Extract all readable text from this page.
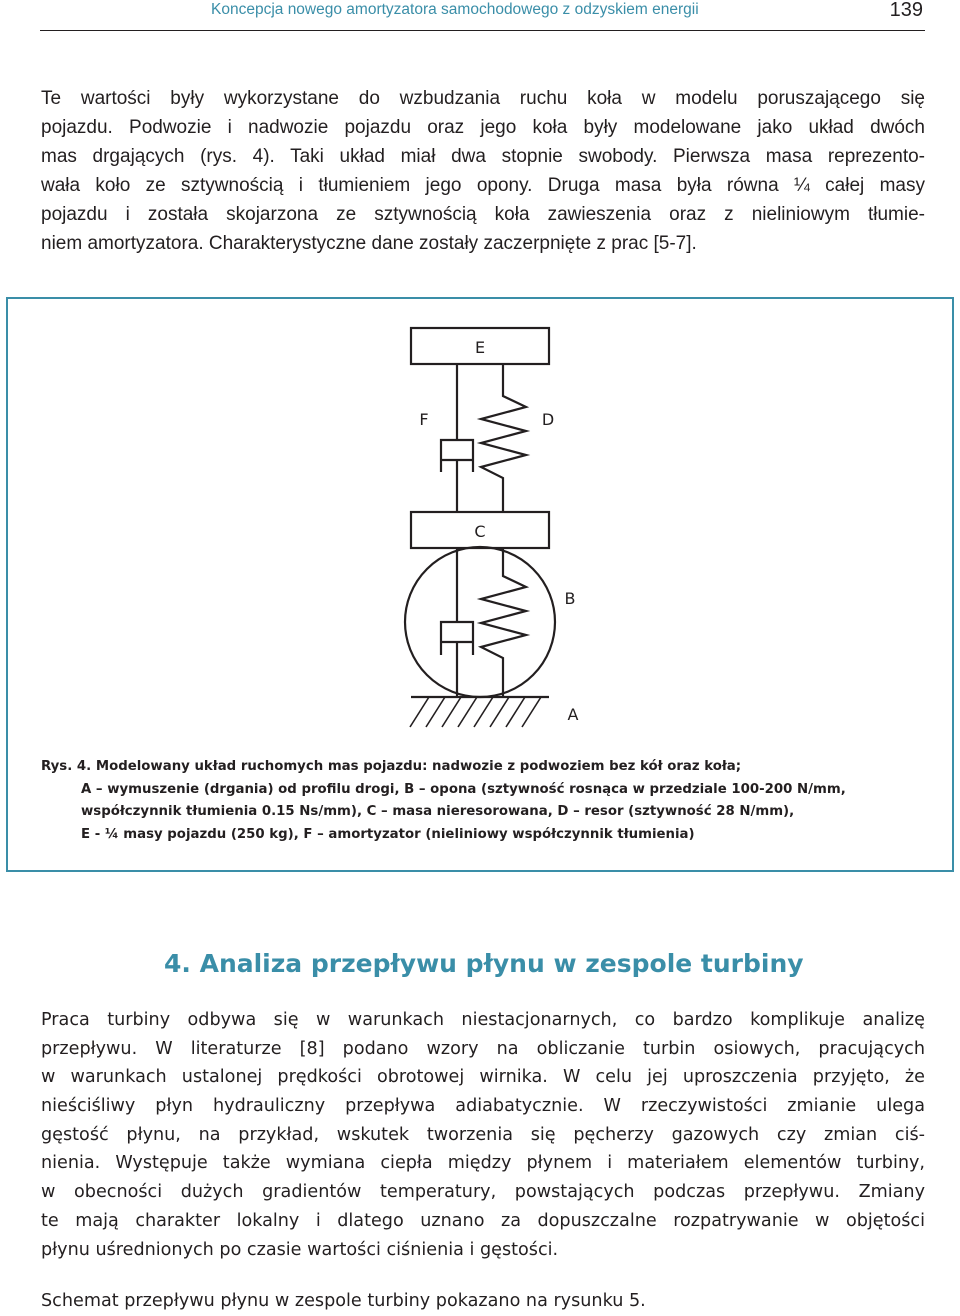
Koncepcja nowego amortyzatora samochodowego z odzyskiem energii	139
Te wartości były wykorzystane do wzbudzania ruchu koła w modelu poruszającego się
pojazdu. Podwozie i nadwozie pojazdu oraz jego koła były modelowane jako układ dwóch
mas drgających (rys. 4). Taki układ miał dwa stopnie swobody. Pierwsza masa reprezento-
wała koło ze sztywnością i tłumieniem jego opony. Druga masa była równa ¼ całej masy
pojazdu i została skojarzona ze sztywnością koła zawieszenia oraz z nieliniowym tłumie-
niem amortyzatora. Charakterystyczne dane zostały zaczerpnięte z prac [5-7].
E
F	D
C
B
A
Rys. 4. Modelowany układ ruchomych mas pojazdu: nadwozie z podwoziem bez kół oraz koła;
A – wymuszenie (drgania) od profilu drogi, B – opona (sztywność rosnąca w przedziale 100-200 N/mm,
współczynnik tłumienia 0.15 Ns/mm), C – masa nieresorowana, D – resor (sztywność 28 N/mm),
E - ¼ masy pojazdu (250 kg), F – amortyzator (nieliniowy współczynnik tłumienia)
4. Analiza przepływu płynu w zespole turbiny
Praca turbiny odbywa się w warunkach niestacjonarnych, co bardzo komplikuje analizę
przepływu. W literaturze [8] podano wzory na obliczanie turbin osiowych, pracujących
w warunkach ustalonej prędkości obrotowej wirnika. W celu jej uproszczenia przyjęto, że
nieściśliwy płyn hydrauliczny przepływa adiabatycznie. W rzeczywistości zmianie ulega
gęstość płynu, na przykład, wskutek tworzenia się pęcherzy gazowych czy zmian ciś-
nienia. Występuje także wymiana ciepła między płynem i materiałem elementów turbiny,
w obecności dużych gradientów temperatury, powstających podczas przepływu. Zmiany
te mają charakter lokalny i dlatego uznano za dopuszczalne rozpatrywanie w objętości
płynu uśrednionych po czasie wartości ciśnienia i gęstości.
Schemat przepływu płynu w zespole turbiny pokazano na rysunku 5.
